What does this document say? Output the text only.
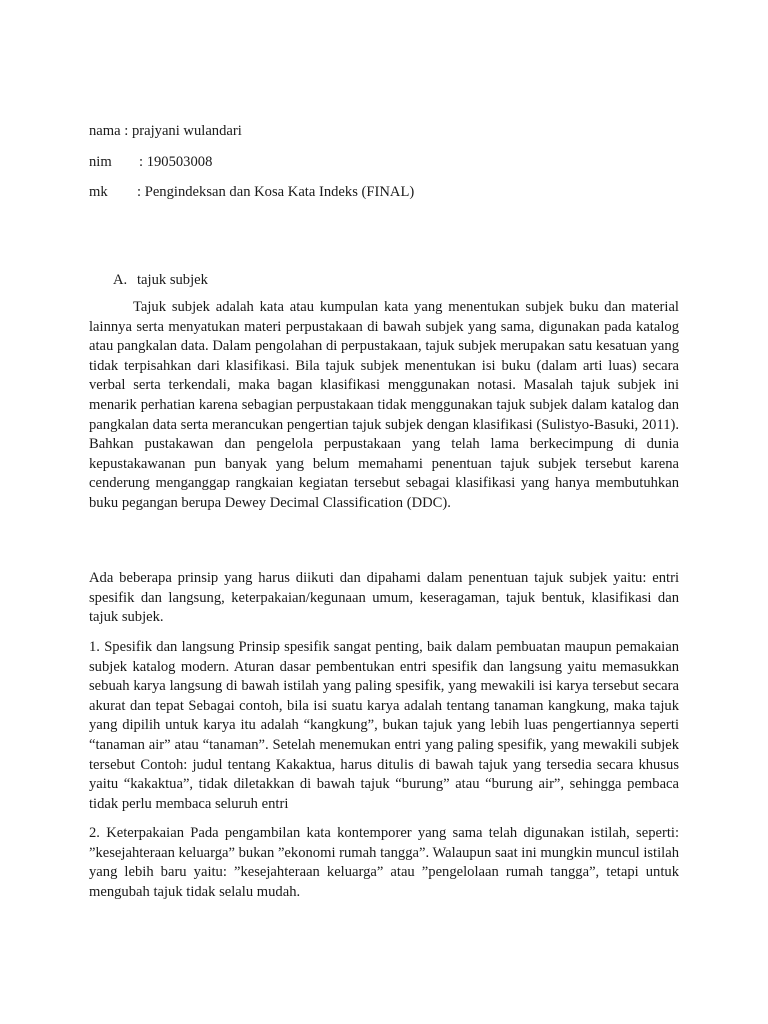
nama : prajyani wulandari
nim : 190503008
mk : Pengindeksan dan Kosa Kata Indeks (FINAL)
A. tajuk subjek

Tajuk subjek adalah kata atau kumpulan kata yang menentukan subjek buku dan material lainnya serta menyatukan materi perpustakaan di bawah subjek yang sama, digunakan pada katalog atau pangkalan data. Dalam pengolahan di perpustakaan, tajuk subjek merupakan satu kesatuan yang tidak terpisahkan dari klasifikasi. Bila tajuk subjek menentukan isi buku (dalam arti luas) secara verbal serta terkendali, maka bagan klasifikasi menggunakan notasi. Masalah tajuk subjek ini menarik perhatian karena sebagian perpustakaan tidak menggunakan tajuk subjek dalam katalog dan pangkalan data serta merancukan pengertian tajuk subjek dengan klasifikasi (Sulistyo-Basuki, 2011). Bahkan pustakawan dan pengelola perpustakaan yang telah lama berkecimpung di dunia kepustakawanan pun banyak yang belum memahami penentuan tajuk subjek tersebut karena cenderung menganggap rangkaian kegiatan tersebut sebagai klasifikasi yang hanya membutuhkan buku pegangan berupa Dewey Decimal Classification (DDC).

Ada beberapa prinsip yang harus diikuti dan dipahami dalam penentuan tajuk subjek yaitu: entri spesifik dan langsung, keterpakaian/kegunaan umum, keseragaman, tajuk bentuk, klasifikasi dan tajuk subjek.

1. Spesifik dan langsung Prinsip spesifik sangat penting, baik dalam pembuatan maupun pemakaian subjek katalog modern. Aturan dasar pembentukan entri spesifik dan langsung yaitu memasukkan sebuah karya langsung di bawah istilah yang paling spesifik, yang mewakili isi karya tersebut secara akurat dan tepat Sebagai contoh, bila isi suatu karya adalah tentang tanaman kangkung, maka tajuk yang dipilih untuk karya itu adalah “kangkung”, bukan tajuk yang lebih luas pengertiannya seperti “tanaman air” atau “tanaman”. Setelah menemukan entri yang paling spesifik, yang mewakili subjek tersebut Contoh: judul tentang Kakaktua, harus ditulis di bawah tajuk yang tersedia secara khusus yaitu “kakaktua”, tidak diletakkan di bawah tajuk “burung” atau “burung air”, sehingga pembaca tidak perlu membaca seluruh entri

2. Keterpakaian Pada pengambilan kata kontemporer yang sama telah digunakan istilah, seperti: ”kesejahteraan keluarga” bukan ”ekonomi rumah tangga”. Walaupun saat ini mungkin muncul istilah yang lebih baru yaitu: ”kesejahteraan keluarga” atau ”pengelolaan rumah tangga”, tetapi untuk mengubah tajuk tidak selalu mudah.
